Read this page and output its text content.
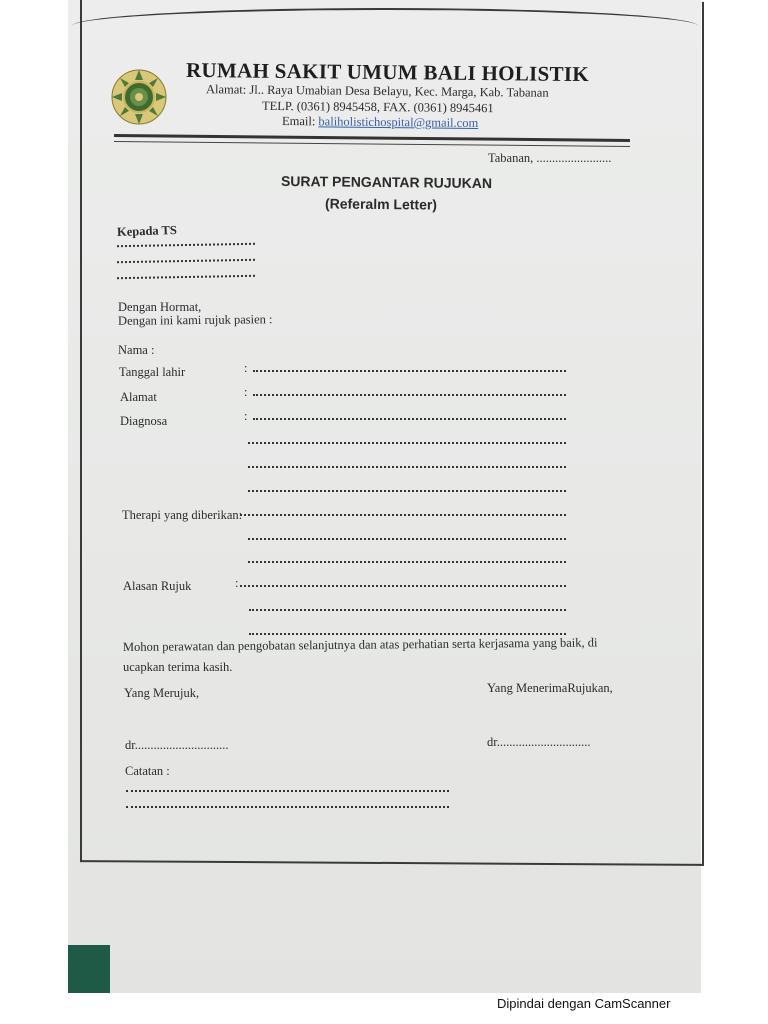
RUMAH SAKIT UMUM BALI HOLISTIK
Alamat: Jl.. Raya Umabian Desa Belayu, Kec. Marga, Kab. Tabanan
TELP. (0361) 8945458, FAX. (0361) 8945461
Email: baliholistichospital@gmail.com
Tabanan, ........................
SURAT PENGANTAR RUJUKAN
(Referalm Letter)
Kepada TS
Dengan Hormat,
Dengan ini kami rujuk pasien :
Nama :
Tanggal lahir	:
Alamat	:
Diagnosa	:
Therapi yang diberikan:
Alasan Rujuk	:
Mohon perawatan dan pengobatan selanjutnya dan atas perhatian serta kerjasama yang baik, di
ucapkan terima kasih.
Yang Merujuk,	Yang MenerimaRujukan,
dr..............................	dr..............................
Catatan :
Dipindai dengan CamScanner
